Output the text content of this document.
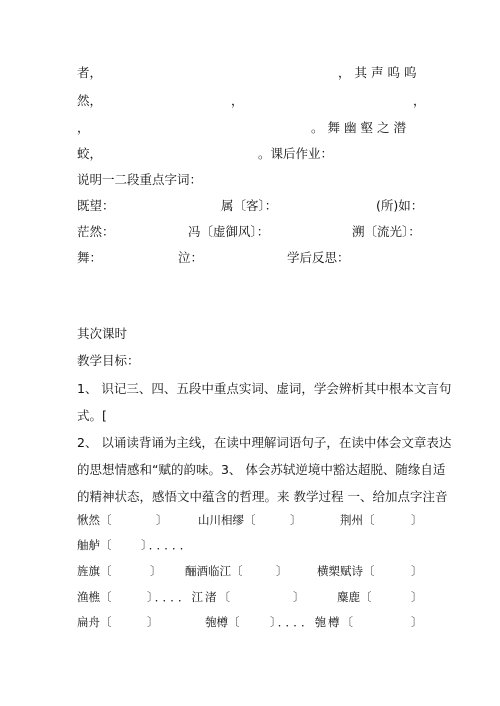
者，	，其声呜呜
然，	，	，
，	。舞幽壑之潜
蛟，	。课后作业：
说明一二段重点字词：
既望：	属〔客〕：	(所)如：
茫然：	冯〔虚御风〕：	溯〔流光〕：
舞：	泣：	学后反思：
其次课时
教学目标：
1、 识记三、四、五段中重点实词、虚词，学会辨析其中根本文言句
式。[
2、 以诵读背诵为主线，在读中理解词语句子，在读中体会文章表达
的思想情感和“赋的韵味。3、 体会苏轼逆境中豁达超脱、随缘自适
的精神状态，感悟文中蕴含的哲理。来 教学过程 一、给加点字注音
愀然〔	〕	山川相缪〔	〕	荆州〔	〕
舳舻〔	〕．．．．．
旌旗〔	〕 酾酒临江〔	〕	横槊赋诗〔	〕
渔樵〔	〕．．．．江渚〔	〕	麋鹿〔	〕
扁舟〔	〕	匏樽〔	〕．．．．匏樽〔	〕
